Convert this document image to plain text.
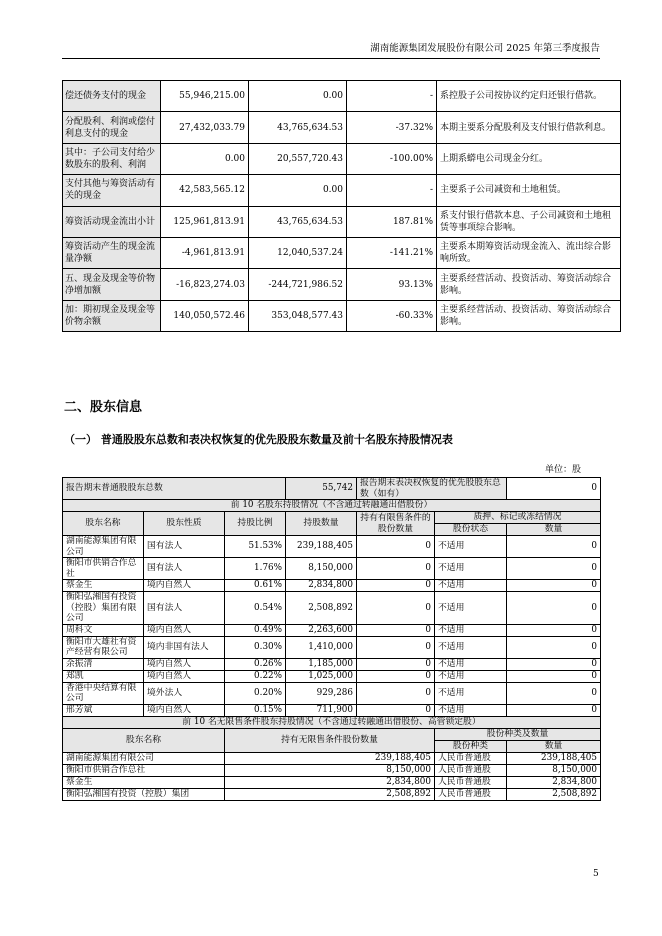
湖南能源集团发展股份有限公司 2025 年第三季度报告
偿还债务支付的现金	55,946,215.00	0.00	-	系控股子公司按协议约定归还银行借款。
分配股利、利润或偿付利息支付的现金	27,432,033.79	43,765,634.53	-37.32%	本期主要系分配股利及支付银行借款利息。
其中：子公司支付给少数股东的股利、利润	0.00	20,557,720.43	-100.00%	上期系蟒电公司现金分红。
支付其他与筹资活动有关的现金	42,583,565.12	0.00	-	主要系子公司减资和土地租赁。
筹资活动现金流出小计	125,961,813.91	43,765,634.53	187.81%	系支付银行借款本息、子公司减资和土地租赁等事项综合影响。
筹资活动产生的现金流量净额	-4,961,813.91	12,040,537.24	-141.21%	主要系本期筹资活动现金流入、流出综合影响所致。
五、现金及现金等价物净增加额	-16,823,274.03	-244,721,986.52	93.13%	主要系经营活动、投资活动、筹资活动综合影响。
加：期初现金及现金等价物余额	140,050,572.46	353,048,577.43	-60.33%	主要系经营活动、投资活动、筹资活动综合影响。
二、股东信息
（一） 普通股股东总数和表决权恢复的优先股股东数量及前十名股东持股情况表
单位：股
报告期末普通股股东总数			55,742	报告期末表决权恢复的优先股股东总数（如有）		0
前 10 名股东持股情况（不含通过转融通出借股份）						
股东名称	股东性质	持股比例	持股数量	持有有限售条件的股份数量	质押、标记或冻结情况	
					股份状态	数量
湖南能源集团有限公司	国有法人	51.53%	239,188,405	0	不适用	0
衡阳市供销合作总社	国有法人	1.76%	8,150,000	0	不适用	0
蔡金生	境内自然人	0.61%	2,834,800	0	不适用	0
衡阳弘湘国有投资（控股）集团有限公司	国有法人	0.54%	2,508,892	0	不适用	0
周科文	境内自然人	0.49%	2,263,600	0	不适用	0
衡阳市大雄社有资产经营有限公司	境内非国有法人	0.30%	1,410,000	0	不适用	0
余振清	境内自然人	0.26%	1,185,000	0	不适用	0
郑凯	境内自然人	0.22%	1,025,000	0	不适用	0
香港中央结算有限公司	境外法人	0.20%	929,286	0	不适用	0
邢芳斌	境内自然人	0.15%	711,900	0	不适用	0
前 10 名无限售条件股东持股情况（不含通过转融通出借股份、高管锁定股）						
股东名称		持有无限售条件股份数量			股份种类及数量	
					股份种类	数量
湖南能源集团有限公司		239,188,405			人民币普通股	239,188,405
衡阳市供销合作总社		8,150,000			人民币普通股	8,150,000
蔡金生		2,834,800			人民币普通股	2,834,800
衡阳弘湘国有投资（控股）集团		2,508,892			人民币普通股	2,508,892
5
